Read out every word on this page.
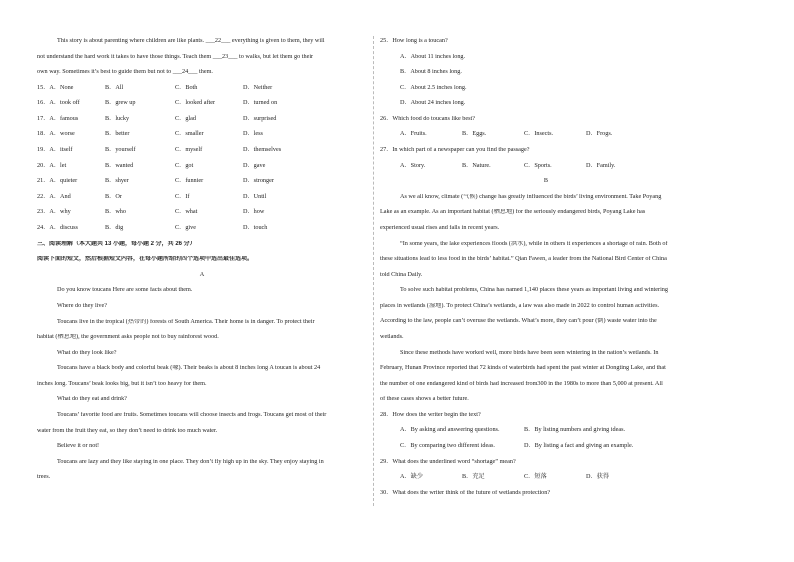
This story is about parenting where children are like plants. ___22___ everything is given to them, they will
not understand the hard work it takes to have those things. Teach them ___23___ to walks, but let them go their
own way. Sometimes it’s best to guide them but not to ___24___ them.
15．A．None	B．All	C．Both	D．Neither
16．A．took off	B．grew up	C．looked after	D．turned on
17．A．famous	B．lucky	C．glad	D．surprised
18．A．worse	B．better	C．smaller	D．less
19．A．itself	B．yourself	C．myself	D．themselves
20．A．let	B．wanted	C．got	D．gave
21．A．quieter	B．shyer	C．funnier	D．stronger
22．A．And	B．Or	C．If	D．Until
23．A．why	B．who	C．what	D．how
24．A．discuss	B．dig	C．give	D．touch
三、阅读理解（本大题共 13 小题，每小题 2 分，共 26 分）
阅读下面的短文，然后根据短文内容，在每小题所给的四个选项中选出最佳选项。
A
Do you know toucans Here are some facts about them.
Where do they live?
Toucans live in the tropical (热带的) forests of South America. Their home is in danger. To protect their
habitat (栖息地), the government asks people not to buy rainforest wood.
What do they look like?
Toucans have a black body and colorful beak (喙). Their beaks is about 8 inches long A toucan is about 24
inches long. Toucans’ beak looks big, but it isn’t too heavy for them.
What do they eat and drink?
Toucans’ favorite food are fruits. Sometimes toucans will choose insects and frogs. Toucans get most of their
water from the fruit they eat, so they don’t need to drink too much water.
Believe it or not!
Toucans are lazy and they like staying in one place. They don’t fly high up in the sky. They enjoy staying in
trees.
25．How long is a toucan?
A．About 11 inches long.
B．About 8 inches long.
C．About 2.5 inches long.
D．About 24 inches long.
26．Which food do toucans like best?
A．Fruits.	B．Eggs.	C．Insects.	D．Frogs.
27．In which part of a newspaper can you find the passage?
A．Story.	B．Nature.	C．Sports.	D．Family.
B
As we all know, climate (气候) change has greatly influenced the birds’ living environment. Take Poyang
Lake as an example. As an important habitat (栖息地) for the seriously endangered birds, Poyang Lake has
experienced usual rises and falls in recent years.
“In some years, the lake experiences floods (洪水), while in others it experiences a shortage of rain. Both of
these situations lead to less food in the birds’ habitat.” Qian Fawen, a leader from the National Bird Center of China
told China Daily.
To solve such habitat problems, China has named 1,140 places these years as important living and wintering
places in wetlands (湿地). To protect China’s wetlands, a law was also made in 2022 to control human activities.
According to the law, people can’t overuse the wetlands. What’s more, they can’t pour (倒) waste water into the
wetlands.
Since these methods have worked well, more birds have been seen wintering in the nation’s wetlands. In
February, Hunan Province reported that 72 kinds of waterbirds had spent the past winter at Dongting Lake, and that
the number of one endangered kind of birds had increased from300 in the 1980s to more than 5,000 at present. All
of these cases shows a better future.
28．How does the writer begin the text?
A．By asking and answering questions.	B．By listing numbers and giving ideas.
C．By comparing two different ideas.	D．By listing a fact and giving an example.
29．What does the underlined word “shortage” mean?
A．缺少	B．充足	C．短落	D．获得
30．What does the writer think of the future of wetlands protection?
